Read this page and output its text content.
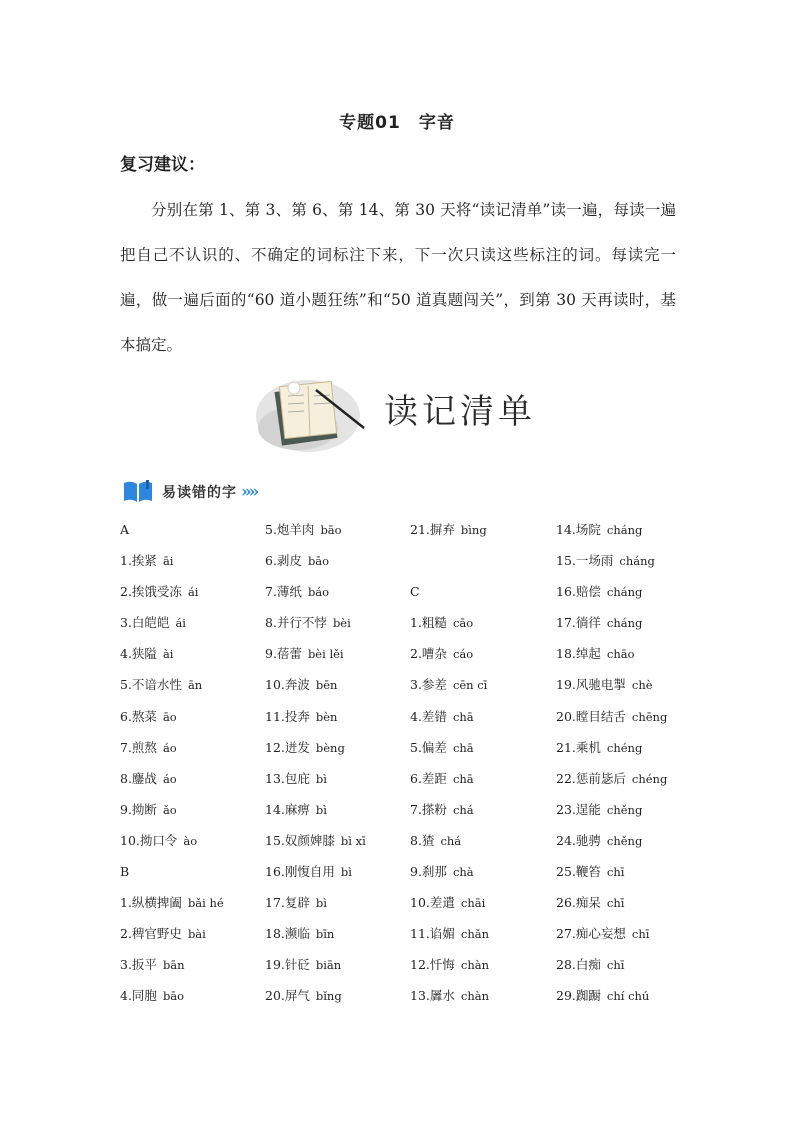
专题01　字音
复习建议：
分别在第 1、第 3、第 6、第 14、第 30 天将“读记清单”读一遍，每读一遍把自己不认识的、不确定的词标注下来，下一次只读这些标注的词。每读完一遍，做一遍后面的“60 道小题狂练”和“50 道真题闯关”，到第 30 天再读时，基本搞定。
读记清单
易读错的字 »»
A
1.挨紧 āi
2.挨饿受冻 ái
3.白皑皑 ái
4.狭隘 ài
5.不谙水性 ān
6.熬菜 āo
7.煎熬 áo
8.鏖战 áo
9.拗断 ǎo
10.拗口令 ào
B
1.纵横捭阖 bǎi hé
2.稗官野史 bài
3.扳平 bān
4.同胞 bāo
5.炮羊肉 bāo
6.剥皮 bāo
7.薄纸 báo
8.并行不悖 bèi
9.蓓蕾 bèi lěi
10.奔波 bēn
11.投奔 bèn
12.迸发 bèng
13.包庇 bì
14.麻痹 bì
15.奴颜婢膝 bì xī
16.刚愎自用 bì
17.复辟 bì
18.濒临 bīn
19.针砭 biān
20.屏气 bǐng
21.摒弃 bìng
C
1.粗糙 cāo
2.嘈杂 cáo
3.参差 cēn cī
4.差错 chā
5.偏差 chā
6.差距 chā
7.搽粉 chá
8.猹 chá
9.刹那 chà
10.差遣 chāi
11.谄媚 chǎn
12.忏悔 chàn
13.羼水 chàn
14.场院 cháng
15.一场雨 cháng
16.赔偿 cháng
17.徜徉 cháng
18.绰起 chāo
19.风驰电掣 chè
20.瞠目结舌 chēng
21.乘机 chéng
22.惩前毖后 chéng
23.逞能 chěng
24.驰骋 chěng
25.鞭笞 chī
26.痴呆 chī
27.痴心妄想 chī
28.白痴 chī
29.踟蹰 chí chú
